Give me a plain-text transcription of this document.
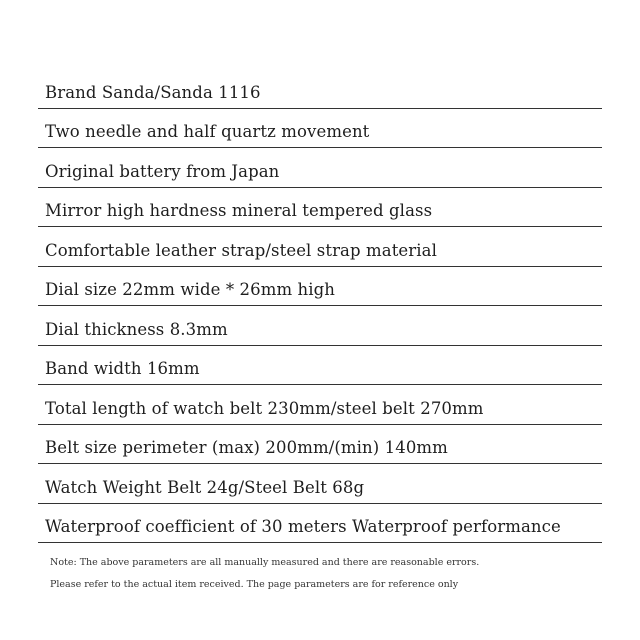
Brand Sanda/Sanda 1116
Two needle and half quartz movement
Original battery from Japan
Mirror high hardness mineral tempered glass
Comfortable leather strap/steel strap material
Dial size 22mm wide * 26mm high
Dial thickness 8.3mm
Band width 16mm
Total length of watch belt 230mm/steel belt 270mm
Belt size perimeter (max) 200mm/(min) 140mm
Watch Weight Belt 24g/Steel Belt 68g
Waterproof coefficient of 30 meters Waterproof performance
Note: The above parameters are all manually measured and there are reasonable errors.
Please refer to the actual item received. The page parameters are for reference only
